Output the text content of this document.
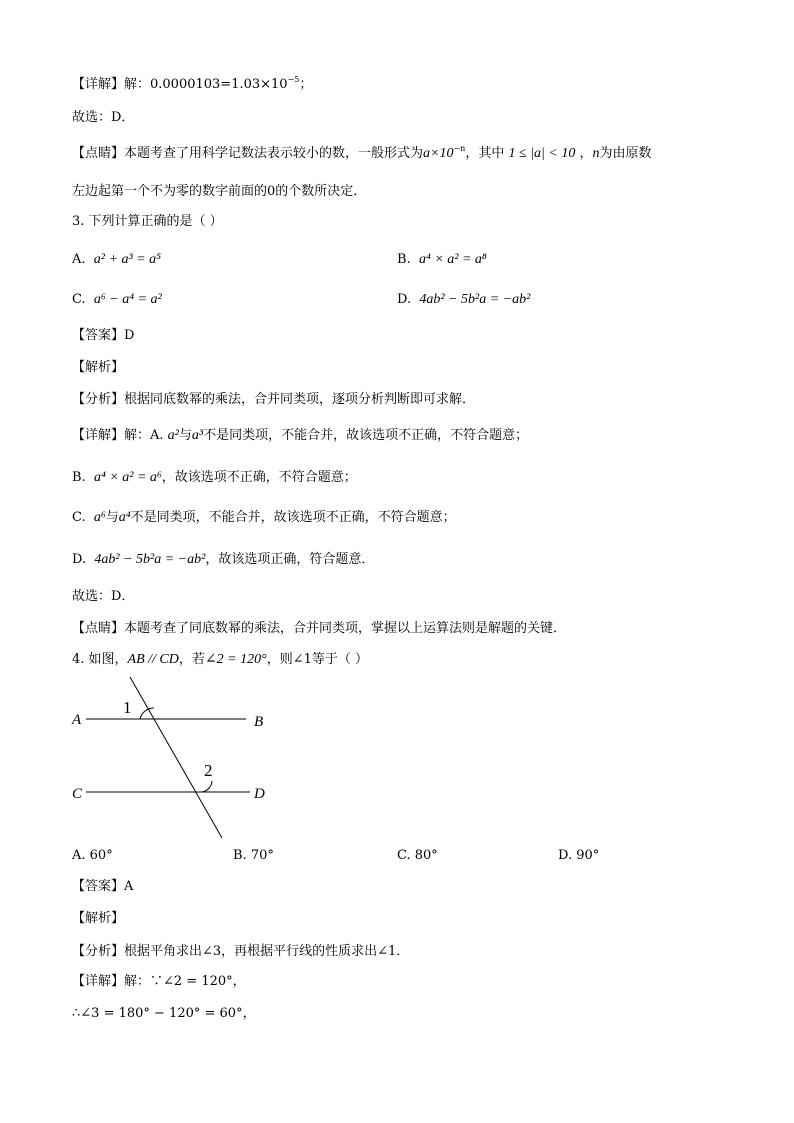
【详解】解：$0.0000103=1.03\times 10^{-5}$；
故选：D．
【点睛】本题考查了用科学记数法表示较小的数，一般形式为$a\times 10^{-n}$，其中 1 ≤ |a| < 10 ，n为由原数
左边起第一个不为零的数字前面的0的个数所决定．
3. 下列计算正确的是（ ）
A. a² + a³ = a⁵	B. a⁴ × a² = a⁸
C. a⁶ − a⁴ = a²	D. 4ab² − 5b²a = −ab²
【答案】D
【解析】
【分析】根据同底数幂的乘法，合并同类项，逐项分析判断即可求解．
【详解】解：A. a²与a³不是同类项，不能合并，故该选项不正确，不符合题意；
B.  a⁴ × a² = a⁶，故该选项不正确，不符合题意；
C.  a⁶与a⁴不是同类项，不能合并，故该选项不正确，不符合题意；
D.  4ab² − 5b²a = −ab²，故该选项正确，符合题意．
故选：D．
【点睛】本题考查了同底数幂的乘法，合并同类项，掌握以上运算法则是解题的关键．
4. 如图，AB // CD，若∠2 = 120°，则∠1等于（ ）
A	B
C	D
1
2
A. 60°	B. 70°	C. 80°	D. 90°
【答案】A
【解析】
【分析】根据平角求出∠3，再根据平行线的性质求出∠1．
【详解】解：∵∠2 = 120°，
∴∠3 = 180° − 120° = 60°，
